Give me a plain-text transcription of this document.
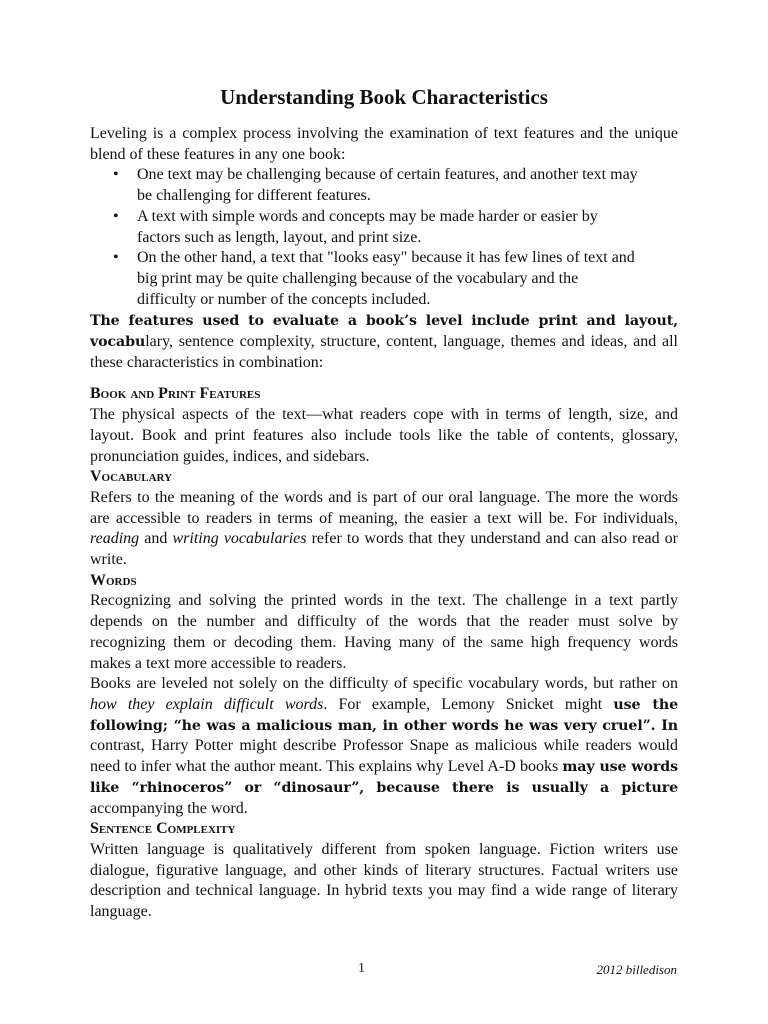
Understanding Book Characteristics

Leveling is a complex process involving the examination of text features and the unique blend of these features in any one book:

• One text may be challenging because of certain features, and another text may be challenging for different features.
• A text with simple words and concepts may be made harder or easier by factors such as length, layout, and print size.
• On the other hand, a text that "looks easy" because it has few lines of text and big print may be quite challenging because of the vocabulary and the difficulty or number of the concepts included.

The features used to evaluate a book’s level include print and layout, vocabulary, sentence complexity, structure, content, language, themes and ideas, and all these characteristics in combination:

Book and Print Features

The physical aspects of the text—what readers cope with in terms of length, size, and layout. Book and print features also include tools like the table of contents, glossary, pronunciation guides, indices, and sidebars.

Vocabulary

Refers to the meaning of the words and is part of our oral language. The more the words are accessible to readers in terms of meaning, the easier a text will be. For individuals, reading and writing vocabularies refer to words that they understand and can also read or write.

Words

Recognizing and solving the printed words in the text. The challenge in a text partly depends on the number and difficulty of the words that the reader must solve by recognizing them or decoding them. Having many of the same high frequency words makes a text more accessible to readers.

Books are leveled not solely on the difficulty of specific vocabulary words, but rather on how they explain difficult words. For example, Lemony Snicket might use the following; “he was a malicious man, in other words he was very cruel”. In contrast, Harry Potter might describe Professor Snape as malicious while readers would need to infer what the author meant. This explains why Level A-D books may use words like “rhinoceros” or “dinosaur”, because there is usually a picture accompanying the word.

Sentence Complexity

Written language is qualitatively different from spoken language. Fiction writers use dialogue, figurative language, and other kinds of literary structures. Factual writers use description and technical language. In hybrid texts you may find a wide range of literary language.

1	2012 billedison
